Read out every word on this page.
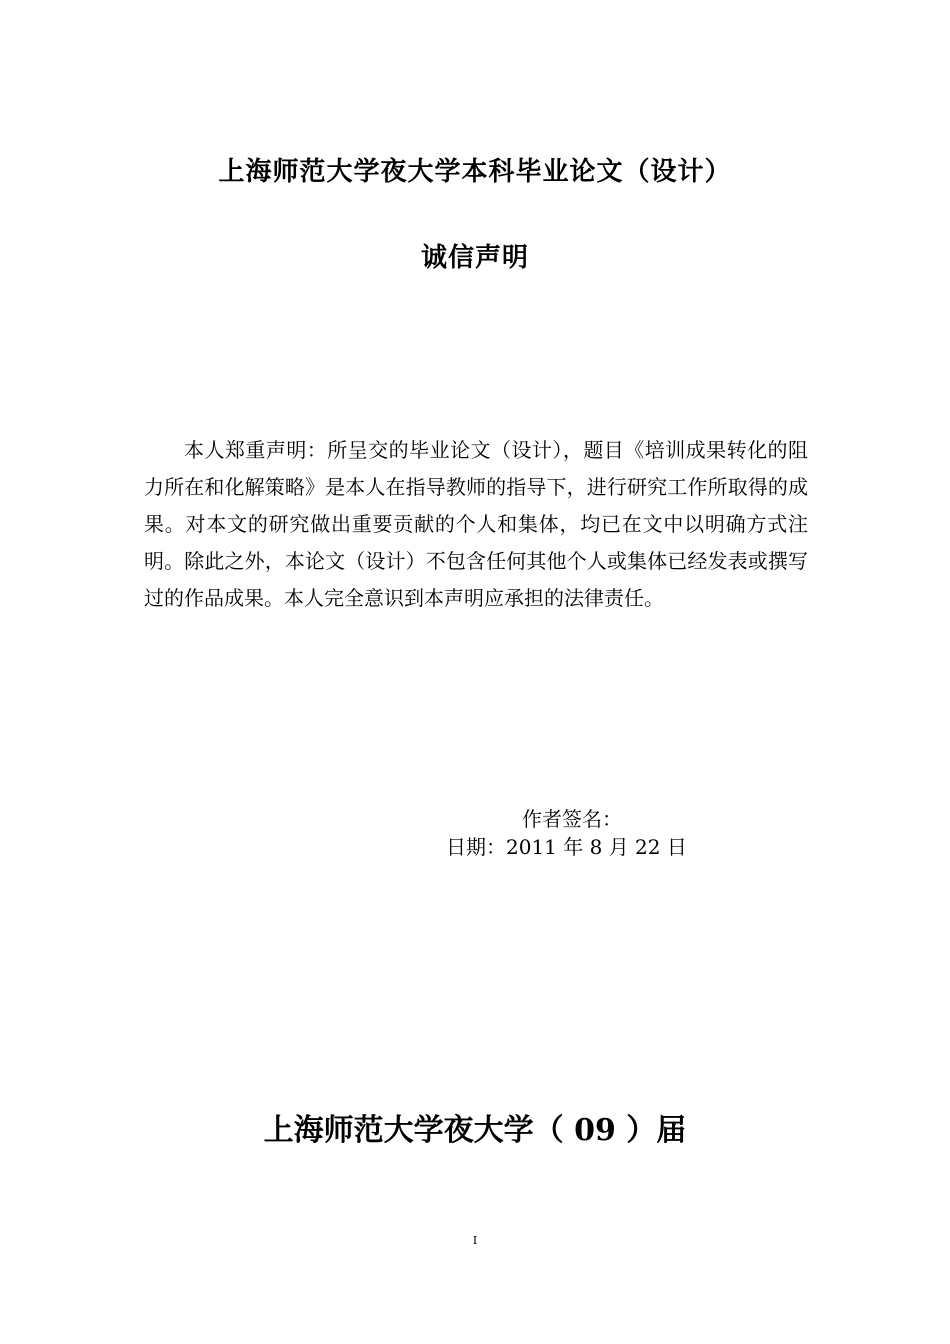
上海师范大学夜大学本科毕业论文（设计）
诚信声明

本人郑重声明：所呈交的毕业论文（设计），题目《培训成果转化的阻力所在和化解策略》是本人在指导教师的指导下，进行研究工作所取得的成果。对本文的研究做出重要贡献的个人和集体，均已在文中以明确方式注明。除此之外，本论文（设计）不包含任何其他个人或集体已经发表或撰写过的作品成果。本人完全意识到本声明应承担的法律责任。

作者签名：
日期：2011 年 8 月 22 日
上海师范大学夜大学（ 09 ）届
I
